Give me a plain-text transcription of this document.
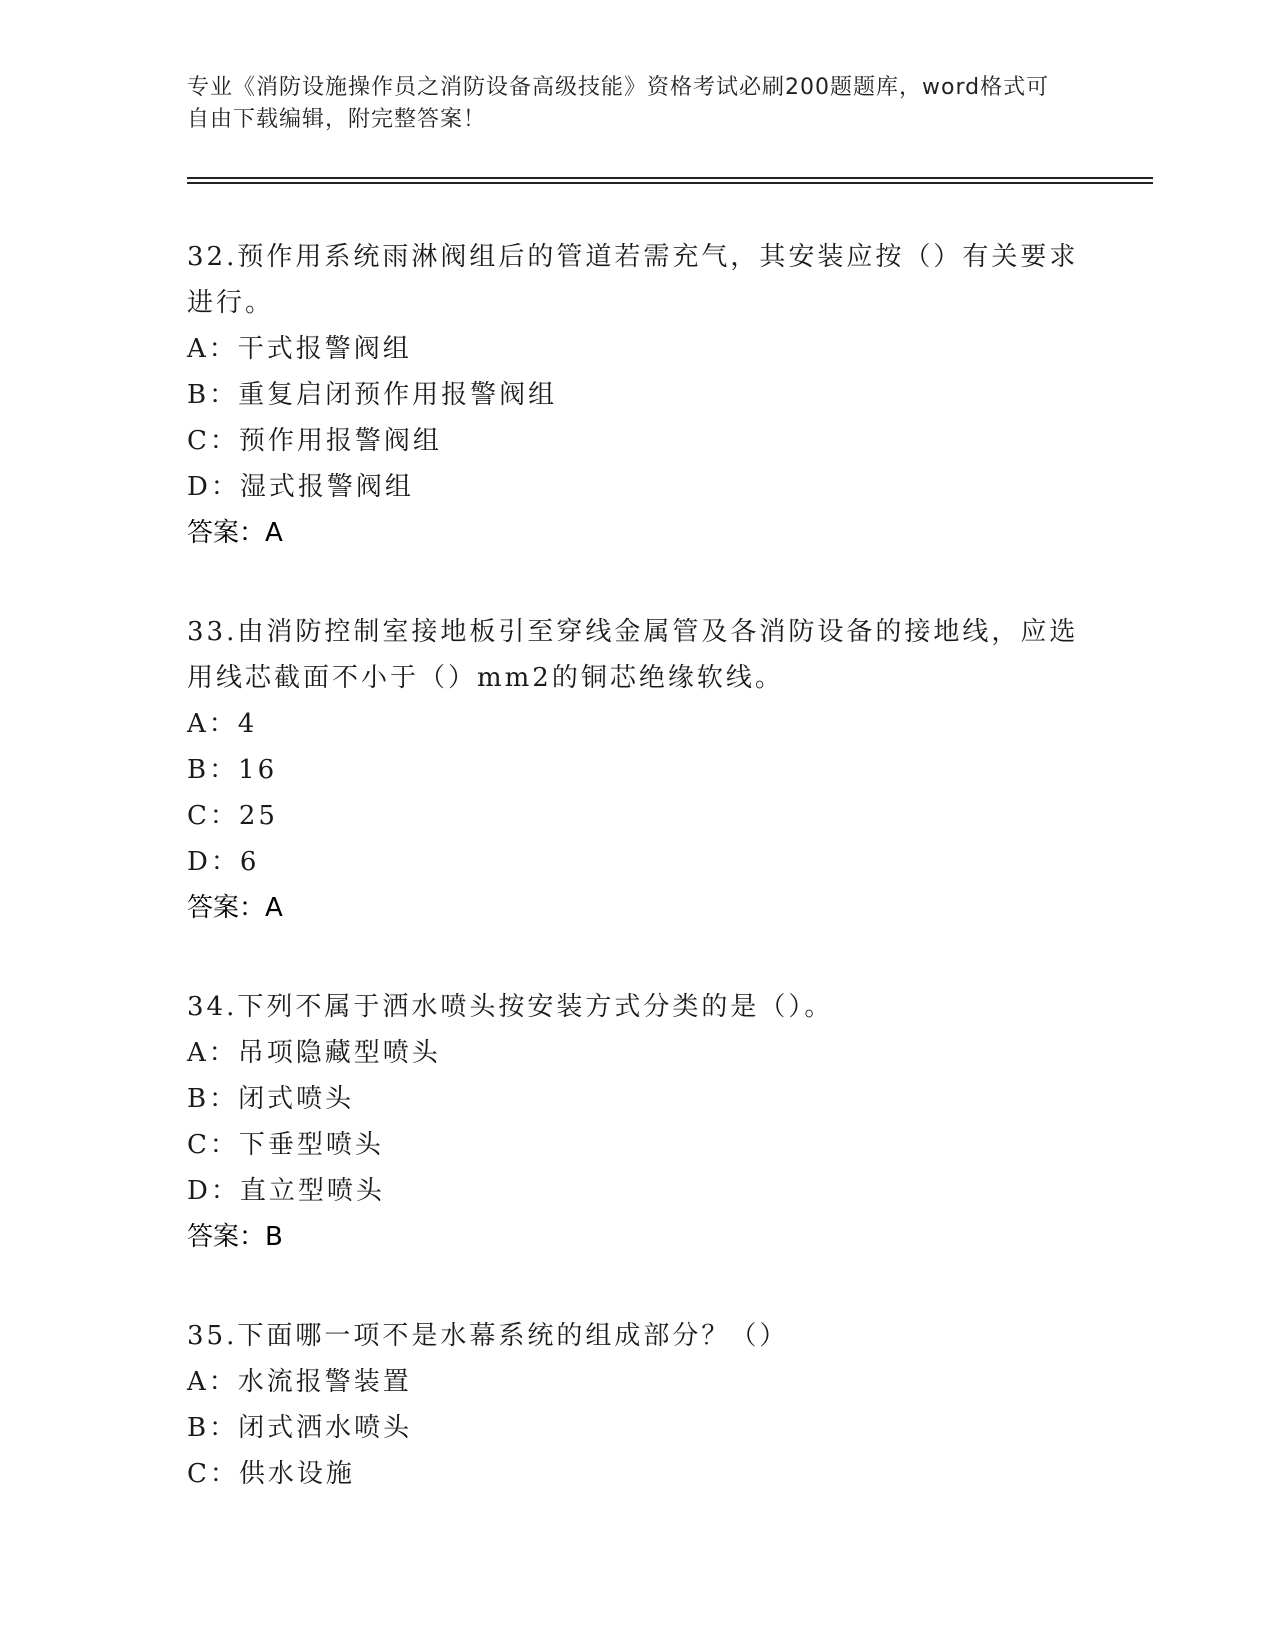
专业《消防设施操作员之消防设备高级技能》资格考试必刷200题题库，word格式可自由下载编辑，附完整答案！
32.预作用系统雨淋阀组后的管道若需充气，其安装应按（）有关要求进行。
A：干式报警阀组
B：重复启闭预作用报警阀组
C：预作用报警阀组
D：湿式报警阀组
答案：A
33.由消防控制室接地板引至穿线金属管及各消防设备的接地线，应选用线芯截面不小于（）mm2的铜芯绝缘软线。
A：4
B：16
C：25
D：6
答案：A
34.下列不属于洒水喷头按安装方式分类的是（）。
A：吊项隐藏型喷头
B：闭式喷头
C：下垂型喷头
D：直立型喷头
答案：B
35.下面哪一项不是水幕系统的组成部分？（）
A：水流报警装置
B：闭式洒水喷头
C：供水设施
